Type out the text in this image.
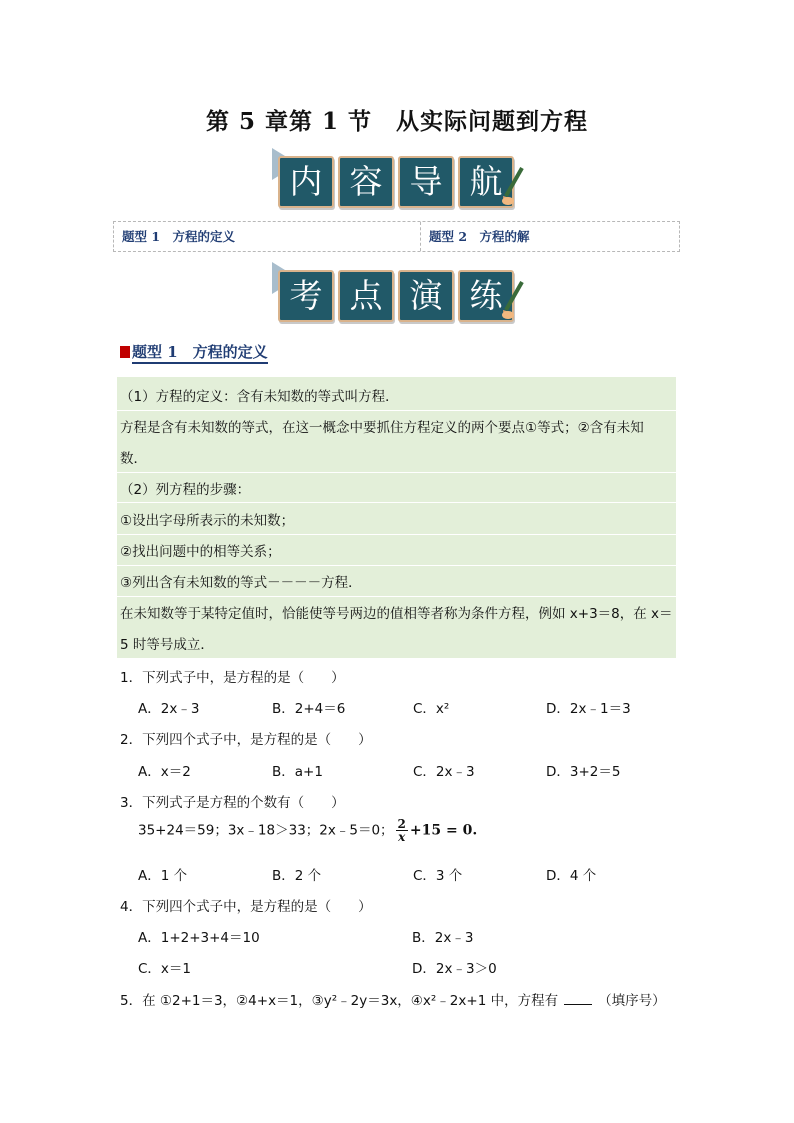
第 5 章第 1 节　从实际问题到方程
内 容 导 航
题型 1　方程的定义	题型 2　方程的解
考 点 演 练
题型 1　方程的定义
（1）方程的定义：含有未知数的等式叫方程．
方程是含有未知数的等式，在这一概念中要抓住方程定义的两个要点①等式；②含有未知
数．
（2）列方程的步骤：
①设出字母所表示的未知数；
②找出问题中的相等关系；
③列出含有未知数的等式－－－－方程．
在未知数等于某特定值时，恰能使等号两边的值相等者称为条件方程，例如 x+3＝8，在 x＝
5 时等号成立．
1．下列式子中，是方程的是（　　）
A．2x﹣3	B．2+4＝6	C．x²	D．2x﹣1＝3
2．下列四个式子中，是方程的是（　　）
A．x＝2	B．a+1	C．2x﹣3	D．3+2＝5
3．下列式子是方程的个数有（　　）
35+24＝59；3x﹣18＞33；2x﹣5＝0； $\frac{2}{x} +15 = 0$.
A．1 个	B．2 个	C．3 个	D．4 个
4．下列四个式子中，是方程的是（　　）
A．1+2+3+4＝10	B．2x﹣3
C．x＝1	D．2x﹣3＞0
5．在 ①2+1＝3，②4+x＝1，③y²﹣2y＝3x，④x²﹣2x+1 中，方程有	（填序号）
